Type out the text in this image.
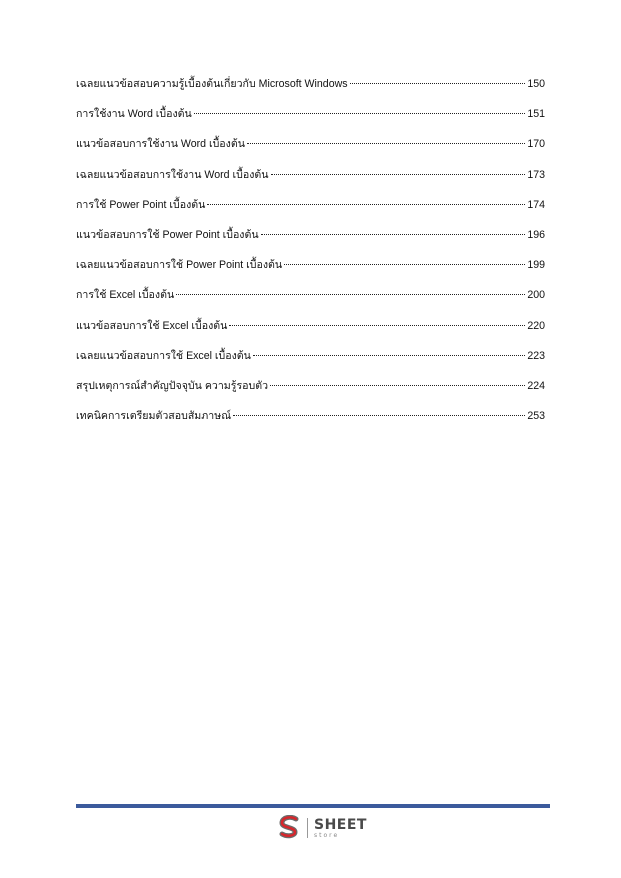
เฉลยแนวข้อสอบความรู้เบื้องต้นเกี่ยวกับ Microsoft Windows	150
การใช้งาน Word เบื้องต้น	151
แนวข้อสอบการใช้งาน Word เบื้องต้น	170
เฉลยแนวข้อสอบการใช้งาน Word เบื้องต้น	173
การใช้ Power Point เบื้องต้น	174
แนวข้อสอบการใช้ Power Point เบื้องต้น	196
เฉลยแนวข้อสอบการใช้ Power Point เบื้องต้น	199
การใช้ Excel เบื้องต้น	200
แนวข้อสอบการใช้ Excel เบื้องต้น	220
เฉลยแนวข้อสอบการใช้ Excel เบื้องต้น	223
สรุปเหตุการณ์สำคัญปัจจุบัน ความรู้รอบตัว	224
เทคนิคการเตรียมตัวสอบสัมภาษณ์	253
SHEET
store
